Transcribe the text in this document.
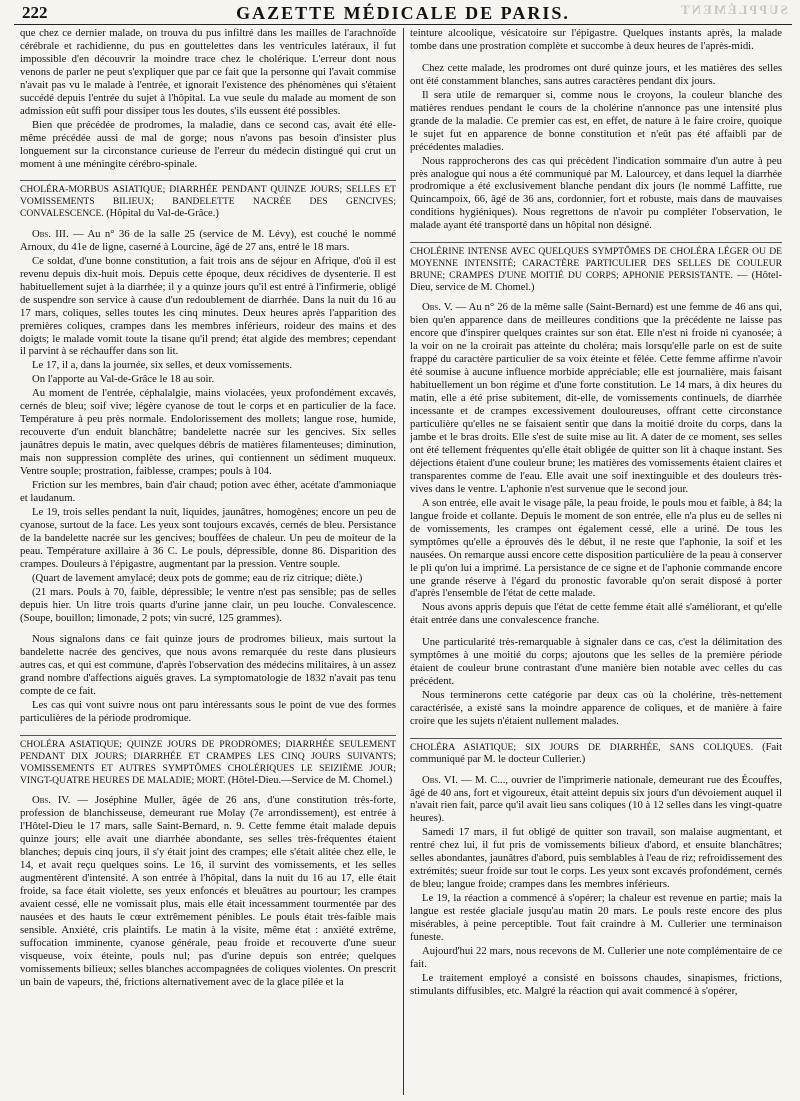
222	GAZETTE MÉDICALE DE PARIS.	SUPPLÉMENT

que chez ce dernier malade, on trouva du pus infiltré dans les mailles de l'arachnoïde cérébrale et rachidienne, du pus en gouttelettes dans les ventricules latéraux, il fut impossible d'en découvrir la moindre trace chez le cholérique. L'erreur dont nous venons de parler ne peut s'expliquer que par ce fait que la personne qui l'avait commise n'avait pas vu le malade à l'entrée, et ignorait l'existence des phénomènes qui s'étaient succédé depuis l'entrée du sujet à l'hôpital. La vue seule du malade au moment de son admission eût suffi pour dissiper tous les doutes, s'ils eussent été possibles.

Bien que précédée de prodromes, la maladie, dans ce second cas, avait été elle-même précédée aussi de mal de gorge; nous n'avons pas besoin d'insister plus longuement sur la circonstance curieuse de l'erreur du médecin distingué qui crut un moment à une méningite cérébro-spinale.

CHOLÉRA-MORBUS ASIATIQUE; DIARRHÉE PENDANT QUINZE JOURS; SELLES ET VOMISSEMENTS BILIEUX; BANDELETTE NACRÉE DES GENCIVES; CONVALESCENCE. (Hôpital du Val-de-Grâce.)

Obs. III. — Au n° 36 de la salle 25 (service de M. Lévy), est couché le nommé Arnoux, du 41e de ligne, caserné à Lourcine, âgé de 27 ans, entré le 18 mars.

Ce soldat, d'une bonne constitution, a fait trois ans de séjour en Afrique, d'où il est revenu depuis dix-huit mois. Depuis cette époque, deux récidives de dysenterie. Il est habituellement sujet à la diarrhée; il y a quinze jours qu'il est entré à l'infirmerie, obligé de suspendre son service à cause d'un redoublement de diarrhée. Dans la nuit du 16 au 17 mars, coliques, selles toutes les cinq minutes. Deux heures après l'apparition des premières coliques, crampes dans les membres inférieurs, roideur des mains et des doigts; le malade vomit toute la tisane qu'il prend; état algide des membres; cependant il parvint à se réchauffer dans son lit.

Le 17, il a, dans la journée, six selles, et deux vomissements.

On l'apporte au Val-de-Grâce le 18 au soir.

Au moment de l'entrée, céphalalgie, mains violacées, yeux profondément excavés, cernés de bleu; soif vive; légère cyanose de tout le corps et en particulier de la face. Température à peu près normale. Endolorissement des mollets; langue rose, humide, recouverte d'un enduit blanchâtre; bandelette nacrée sur les gencives. Six selles jaunâtres depuis le matin, avec quelques débris de matières filamenteuses; diminution, mais non suppression complète des urines, qui contiennent un sédiment muqueux. Ventre souple; prostration, faiblesse, crampes; pouls à 104.

Friction sur les membres, bain d'air chaud; potion avec éther, acétate d'ammoniaque et laudanum.

Le 19, trois selles pendant la nuit, liquides, jaunâtres, homogènes; encore un peu de cyanose, surtout de la face. Les yeux sont toujours excavés, cernés de bleu. Persistance de la bandelette nacrée sur les gencives; bouffées de chaleur. Un peu de moiteur de la peau. Température axillaire à 36 C. Le pouls, dépressible, donne 86. Disparition des crampes. Douleurs à l'épigastre, augmentant par la pression. Ventre souple.

(Quart de lavement amylacé; deux pots de gomme; eau de riz citrique; diète.)

(21 mars. Pouls à 70, faible, dépressible; le ventre n'est pas sensible; pas de selles depuis hier. Un litre trois quarts d'urine janne clair, un peu louche. Convalescence. (Soupe, bouillon; limonade, 2 pots; vin sucré, 125 grammes).

Nous signalons dans ce fait quinze jours de prodromes bilieux, mais surtout la bandelette nacrée des gencives, que nous avons remarquée du reste dans plusieurs autres cas, et qui est commune, d'après l'observation des médecins militaires, à un assez grand nombre d'affections aiguës graves. La symptomatologie de 1832 n'avait pas tenu compte de ce fait.

Les cas qui vont suivre nous ont paru intéressants sous le point de vue des formes particulières de la période prodromique.

CHOLÉRA ASIATIQUE; QUINZE JOURS DE PRODROMES; DIARRHÉE SEULEMENT PENDANT DIX JOURS; DIARRHÉE ET CRAMPES LES CINQ JOURS SUIVANTS; VOMISSEMENTS ET AUTRES SYMPTÔMES CHOLÉRIQUES LE SEIZIÈME JOUR; VINGT-QUATRE HEURES DE MALADIE; MORT. (Hôtel-Dieu.—Service de M. Chomel.)

Obs. IV. — Joséphine Muller, âgée de 26 ans, d'une constitution très-forte, profession de blanchisseuse, demeurant rue Molay (7e arrondissement), est entrée à l'Hôtel-Dieu le 17 mars, salle Saint-Bernard, n. 9. Cette femme était malade depuis quinze jours; elle avait une diarrhée abondante, ses selles très-fréquentes étaient blanches; depuis cinq jours, il s'y était joint des crampes; elle s'était alitée chez elle, le 14, et avait reçu quelques soins. Le 16, il survint des vomissements, et les selles augmentèrent d'intensité. A son entrée à l'hôpital, dans la nuit du 16 au 17, elle était froide, sa face était violette, ses yeux enfoncés et bleuâtres au pourtour; les crampes avaient cessé, elle ne vomissait plus, mais elle était incessamment tourmentée par des nausées et des hauts le cœur extrêmement pénibles. Le pouls était très-faible mais sensible. Anxiété, cris plaintifs. Le matin à la visite, même état : anxiété extrême, suffocation imminente, cyanose générale, peau froide et recouverte d'une sueur visqueuse, voix éteinte, pouls nul; pas d'urine depuis son entrée; quelques vomissements bilieux; selles blanches accompagnées de coliques violentes. On prescrit un bain de vapeurs, thé, frictions alternativement avec de la glace pilée et la

teinture alcoolique, vésicatoire sur l'épigastre. Quelques instants après, la malade tombe dans une prostration complète et succombe à deux heures de l'après-midi.

Chez cette malade, les prodromes ont duré quinze jours, et les matières des selles ont été constamment blanches, sans autres caractères pendant dix jours.

Il sera utile de remarquer si, comme nous le croyons, la couleur blanche des matières rendues pendant le cours de la cholérine n'annonce pas une intensité plus grande de la maladie. Ce premier cas est, en effet, de nature à le faire croire, quoique le sujet fut en apparence de bonne constitution et n'eût pas été affaibli par de précédentes maladies.

Nous rapprocherons des cas qui précèdent l'indication sommaire d'un autre à peu près analogue qui nous a été communiqué par M. Lalourcey, et dans lequel la diarrhée prodromique a été exclusivement blanche pendant dix jours (le nommé Laffitte, rue Quincampoix, 66, âgé de 36 ans, cordonnier, fort et robuste, mais dans de mauvaises conditions hygiéniques). Nous regrettons de n'avoir pu compléter l'observation, le malade ayant été transporté dans un hôpital non désigné.

CHOLÉRINE INTENSE AVEC QUELQUES SYMPTÔMES DE CHOLÉRA LÉGER OU DE MOYENNE INTENSITÉ; CARACTÈRE PARTICULIER DES SELLES DE COULEUR BRUNE; CRAMPES D'UNE MOITIÉ DU CORPS; APHONIE PERSISTANTE. — (Hôtel-Dieu, service de M. Chomel.)

Obs. V. — Au n° 26 de la même salle (Saint-Bernard) est une femme de 46 ans qui, bien qu'en apparence dans de meilleures conditions que la précédente ne laisse pas encore que d'inspirer quelques craintes sur son état. Elle n'est ni froide ni cyanosée; à la voir on ne la croirait pas atteinte du choléra; mais lorsqu'elle parle on est de suite frappé du caractère particulier de sa voix éteinte et fêlée. Cette femme affirme n'avoir été soumise à aucune influence morbide appréciable; elle est journalière, mais faisant habituellement un bon régime et d'une forte constitution. Le 14 mars, à dix heures du matin, elle a été prise subitement, dit-elle, de vomissements continuels, de diarrhée incessante et de crampes excessivement douloureuses, offrant cette circonstance particulière qu'elles ne se faisaient sentir que dans la moitié droite du corps, dans la jambe et le bras droits. Elle s'est de suite mise au lit. A dater de ce moment, ses selles ont été tellement fréquentes qu'elle était obligée de quitter son lit à chaque instant. Ses déjections étaient d'une couleur brune; les matières des vomissements étaient claires et transparentes comme de l'eau. Elle avait une soif inextinguible et des douleurs très-vives dans le ventre. L'aphonie n'est survenue que le second jour.

A son entrée, elle avait le visage pâle, la peau froide, le pouls mou et faible, à 84; la langue froide et collante. Depuis le moment de son entrée, elle n'a plus eu de selles ni de vomissements, les crampes ont également cessé, elle a uriné. De tous les symptômes qu'elle a éprouvés dès le début, il ne reste que l'aphonie, la soif et les nausées. On remarque aussi encore cette disposition particulière de la peau à conserver le pli qu'on lui a imprimé. La persistance de ce signe et de l'aphonie commande encore une grande réserve à l'égard du pronostic favorable qu'on serait disposé à porter d'après l'ensemble de l'état de cette malade.

Nous avons appris depuis que l'état de cette femme était allé s'améliorant, et qu'elle était entrée dans une convalescence franche.

Une particularité très-remarquable à signaler dans ce cas, c'est la délimitation des symptômes à une moitié du corps; ajoutons que les selles de la première période étaient de couleur brune contrastant d'une manière bien notable avec celles du cas précédent.

Nous terminerons cette catégorie par deux cas où la cholérine, très-nettement caractérisée, a existé sans la moindre apparence de coliques, et de manière à faire croire que les sujets n'étaient nullement malades.

CHOLÉRA ASIATIQUE; SIX JOURS DE DIARRHÉE, SANS COLIQUES. (Fait communiqué par M. le docteur Cullerier.)

Obs. VI. — M. C..., ouvrier de l'imprimerie nationale, demeurant rue des Écouffes, âgé de 40 ans, fort et vigoureux, était atteint depuis six jours d'un dévoiement auquel il n'avait rien fait, parce qu'il avait lieu sans coliques (10 à 12 selles dans les vingt-quatre heures).

Samedi 17 mars, il fut obligé de quitter son travail, son malaise augmentant, et rentré chez lui, il fut pris de vomissements bilieux d'abord, et ensuite blanchâtres; selles abondantes, jaunâtres d'abord, puis semblables à l'eau de riz; refroidissement des extrémités; sueur froide sur tout le corps. Les yeux sont excavés profondément, cernés de bleu; langue froide; crampes dans les membres inférieurs.

Le 19, la réaction a commencé à s'opérer; la chaleur est revenue en partie; mais la langue est restée glaciale jusqu'au matin 20 mars. Le pouls reste encore des plus misérables, à peine perceptible. Tout fait craindre à M. Cullerier une terminaison funeste.

Aujourd'hui 22 mars, nous recevons de M. Cullerier une note complémentaire de ce fait.

Le traitement employé a consisté en boissons chaudes, sinapismes, frictions, stimulants diffusibles, etc. Malgré la réaction qui avait commencé à s'opérer,
